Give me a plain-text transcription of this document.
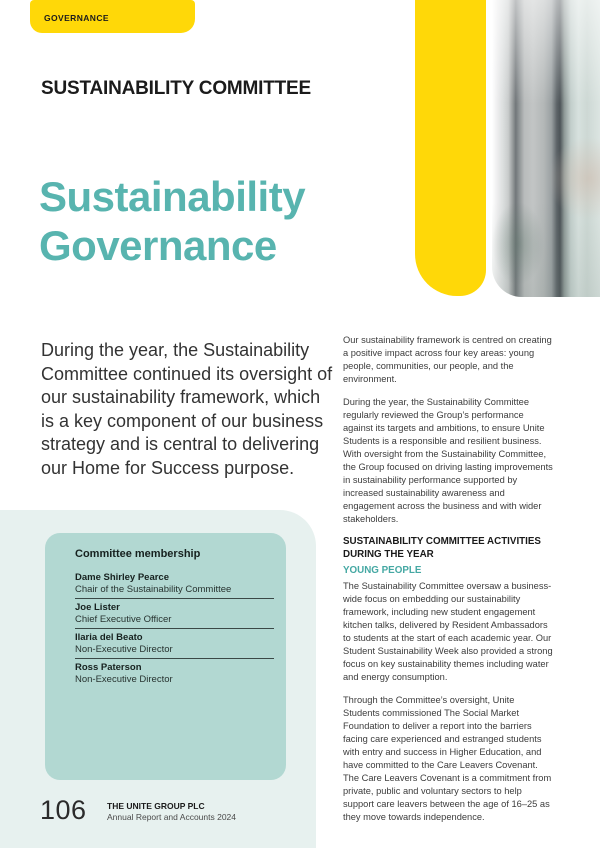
GOVERNANCE
SUSTAINABILITY COMMITTEE
Sustainability
Governance
During the year, the Sustainability Committee continued its oversight of our sustainability framework, which is a key component of our business strategy and is central to delivering our Home for Success purpose.
Committee membership
Dame Shirley Pearce
Chair of the Sustainability Committee
Joe Lister
Chief Executive Officer
Ilaria del Beato
Non-Executive Director
Ross Paterson
Non-Executive Director

Our sustainability framework is centred on creating a positive impact across four key areas: young people, communities, our people, and the environment.

During the year, the Sustainability Committee regularly reviewed the Group’s performance against its targets and ambitions, to ensure Unite Students is a responsible and resilient business. With oversight from the Sustainability Committee, the Group focused on driving lasting improvements in sustainability performance supported by increased sustainability awareness and engagement across the business and with wider stakeholders.

SUSTAINABILITY COMMITTEE ACTIVITIES DURING THE YEAR
YOUNG PEOPLE

The Sustainability Committee oversaw a business-wide focus on embedding our sustainability framework, including new student engagement kitchen talks, delivered by Resident Ambassadors to students at the start of each academic year. Our Student Sustainability Week also provided a strong focus on key sustainability themes including water and energy consumption.

Through the Committee’s oversight, Unite Students commissioned The Social Market Foundation to deliver a report into the barriers facing care experienced and estranged students with entry and success in Higher Education, and have committed to the Care Leavers Covenant. The Care Leavers Covenant is a commitment from private, public and voluntary sectors to help support care leavers between the age of 16–25 as they move towards independence.

106 THE UNITE GROUP PLC
Annual Report and Accounts 2024
